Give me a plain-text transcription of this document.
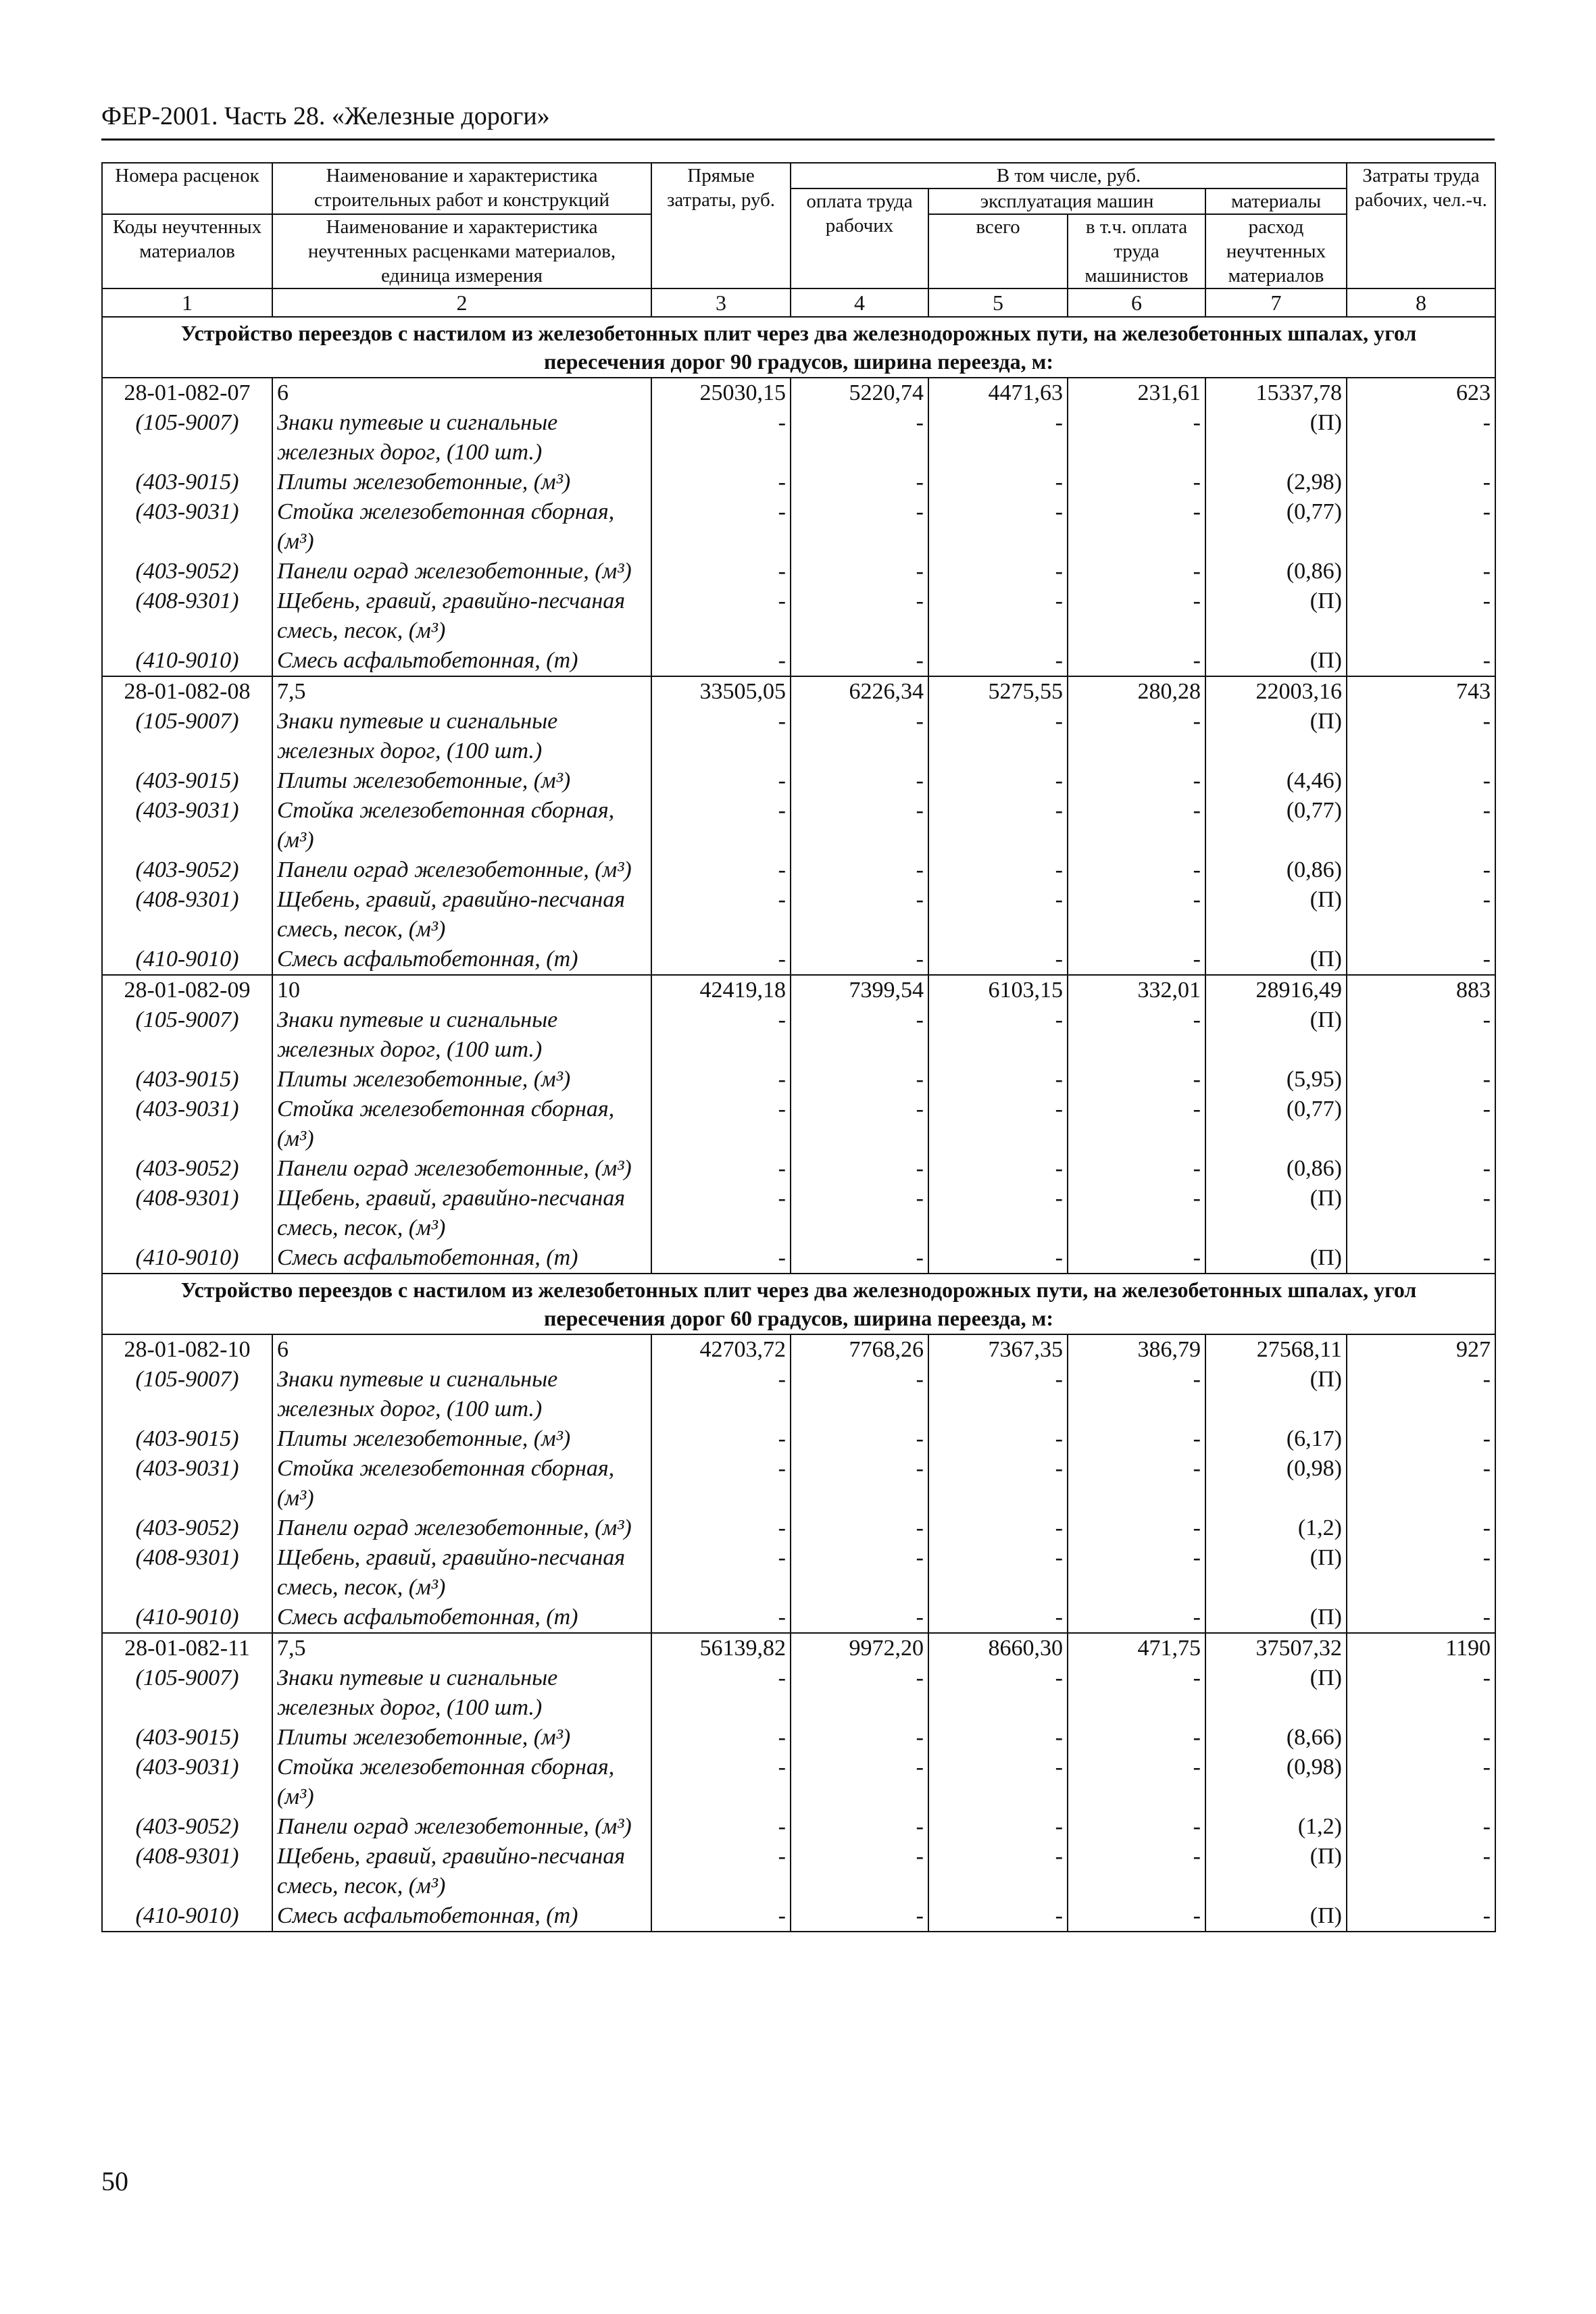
ФЕР-2001. Часть 28. «Железные дороги»
Номера расценок	Наименование и характеристика строительных работ и конструкций	Прямые затраты, руб.	В том числе, руб.				Затраты труда рабочих, чел.-ч.
			оплата труда рабочих	эксплуатация машин		материалы	
Коды неучтенных материалов	Наименование и характеристика неучтенных расценками материалов, единица измерения			всего	в т.ч. оплата труда машинистов	расход неучтенных материалов	

1	2	3	4	5	6	7	8
Устройство переездов с настилом из железобетонных плит через два железнодорожных пути, на железобетонных шпалах, угол пересечения дорог 90 градусов, ширина переезда, м:							
28-01-082-07	6	25030,15	5220,74	4471,63	231,61	15337,78	623
(105-9007)	Знаки путевые и сигнальные железных дорог, (100 шт.)	-	-	-	-	(П)	-
(403-9015)	Плиты железобетонные, (м³)	-	-	-	-	(2,98)	-
(403-9031)	Стойка железобетонная сборная, (м³)	-	-	-	-	(0,77)	-
(403-9052)	Панели оград железобетонные, (м³)	-	-	-	-	(0,86)	-
(408-9301)	Щебень, гравий, гравийно-песчаная смесь, песок, (м³)	-	-	-	-	(П)	-
(410-9010)	Смесь асфальтобетонная, (т)	-	-	-	-	(П)	-
28-01-082-08	7,5	33505,05	6226,34	5275,55	280,28	22003,16	743
(105-9007)	Знаки путевые и сигнальные железных дорог, (100 шт.)	-	-	-	-	(П)	-
(403-9015)	Плиты железобетонные, (м³)	-	-	-	-	(4,46)	-
(403-9031)	Стойка железобетонная сборная, (м³)	-	-	-	-	(0,77)	-
(403-9052)	Панели оград железобетонные, (м³)	-	-	-	-	(0,86)	-
(408-9301)	Щебень, гравий, гравийно-песчаная смесь, песок, (м³)	-	-	-	-	(П)	-
(410-9010)	Смесь асфальтобетонная, (т)	-	-	-	-	(П)	-
28-01-082-09	10	42419,18	7399,54	6103,15	332,01	28916,49	883
(105-9007)	Знаки путевые и сигнальные железных дорог, (100 шт.)	-	-	-	-	(П)	-
(403-9015)	Плиты железобетонные, (м³)	-	-	-	-	(5,95)	-
(403-9031)	Стойка железобетонная сборная, (м³)	-	-	-	-	(0,77)	-
(403-9052)	Панели оград железобетонные, (м³)	-	-	-	-	(0,86)	-
(408-9301)	Щебень, гравий, гравийно-песчаная смесь, песок, (м³)	-	-	-	-	(П)	-
(410-9010)	Смесь асфальтобетонная, (т)	-	-	-	-	(П)	-
Устройство переездов с настилом из железобетонных плит через два железнодорожных пути, на железобетонных шпалах, угол пересечения дорог 60 градусов, ширина переезда, м:							
28-01-082-10	6	42703,72	7768,26	7367,35	386,79	27568,11	927
(105-9007)	Знаки путевые и сигнальные железных дорог, (100 шт.)	-	-	-	-	(П)	-
(403-9015)	Плиты железобетонные, (м³)	-	-	-	-	(6,17)	-
(403-9031)	Стойка железобетонная сборная, (м³)	-	-	-	-	(0,98)	-
(403-9052)	Панели оград железобетонные, (м³)	-	-	-	-	(1,2)	-
(408-9301)	Щебень, гравий, гравийно-песчаная смесь, песок, (м³)	-	-	-	-	(П)	-
(410-9010)	Смесь асфальтобетонная, (т)	-	-	-	-	(П)	-
28-01-082-11	7,5	56139,82	9972,20	8660,30	471,75	37507,32	1190
(105-9007)	Знаки путевые и сигнальные железных дорог, (100 шт.)	-	-	-	-	(П)	-
(403-9015)	Плиты железобетонные, (м³)	-	-	-	-	(8,66)	-
(403-9031)	Стойка железобетонная сборная, (м³)	-	-	-	-	(0,98)	-
(403-9052)	Панели оград железобетонные, (м³)	-	-	-	-	(1,2)	-
(408-9301)	Щебень, гравий, гравийно-песчаная смесь, песок, (м³)	-	-	-	-	(П)	-
(410-9010)	Смесь асфальтобетонная, (т)	-	-	-	-	(П)	-
50
